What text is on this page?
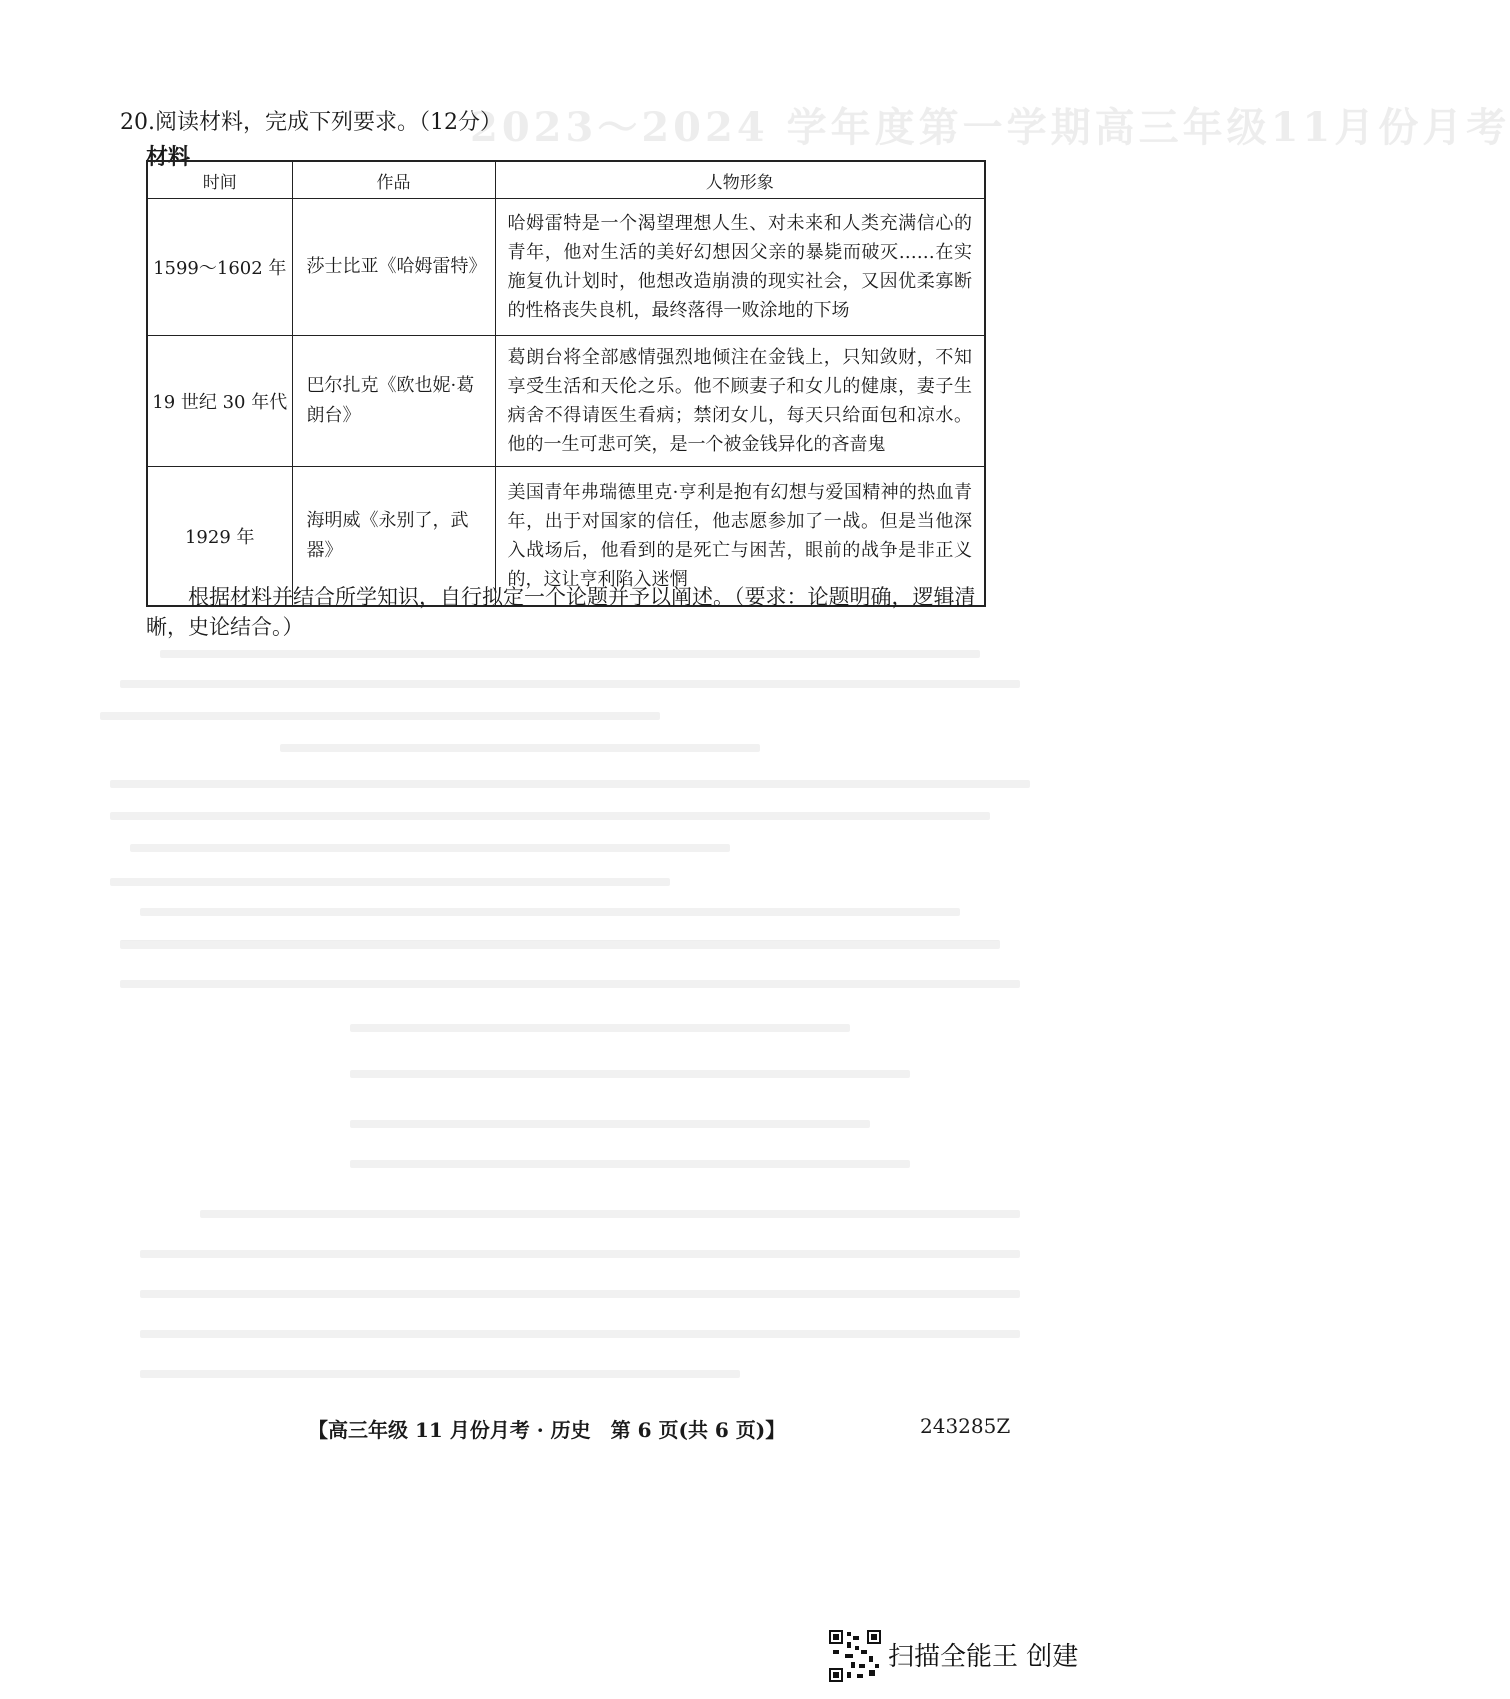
2023～2024 学年度第一学期高三年级11月份月考
20.阅读材料，完成下列要求。（12分）
材料
时间	作品	人物形象
1599～1602 年	莎士比亚《哈姆雷特》	哈姆雷特是一个渴望理想人生、对未来和人类充满信心的青年，他对生活的美好幻想因父亲的暴毙而破灭……在实施复仇计划时，他想改造崩溃的现实社会，又因优柔寡断的性格丧失良机，最终落得一败涂地的下场
19 世纪 30 年代	巴尔扎克《欧也妮·葛朗台》	葛朗台将全部感情强烈地倾注在金钱上，只知敛财，不知享受生活和天伦之乐。他不顾妻子和女儿的健康，妻子生病舍不得请医生看病；禁闭女儿，每天只给面包和凉水。他的一生可悲可笑，是一个被金钱异化的吝啬鬼
1929 年	海明威《永别了，武器》	美国青年弗瑞德里克·亨利是抱有幻想与爱国精神的热血青年，出于对国家的信任，他志愿参加了一战。但是当他深入战场后，他看到的是死亡与困苦，眼前的战争是非正义的，这让亨利陷入迷惘
根据材料并结合所学知识，自行拟定一个论题并予以阐述。（要求：论题明确，逻辑清晰，史论结合。）
【高三年级 11 月份月考 · 历史　第 6 页(共 6 页)】	243285Z
扫描全能王 创建
